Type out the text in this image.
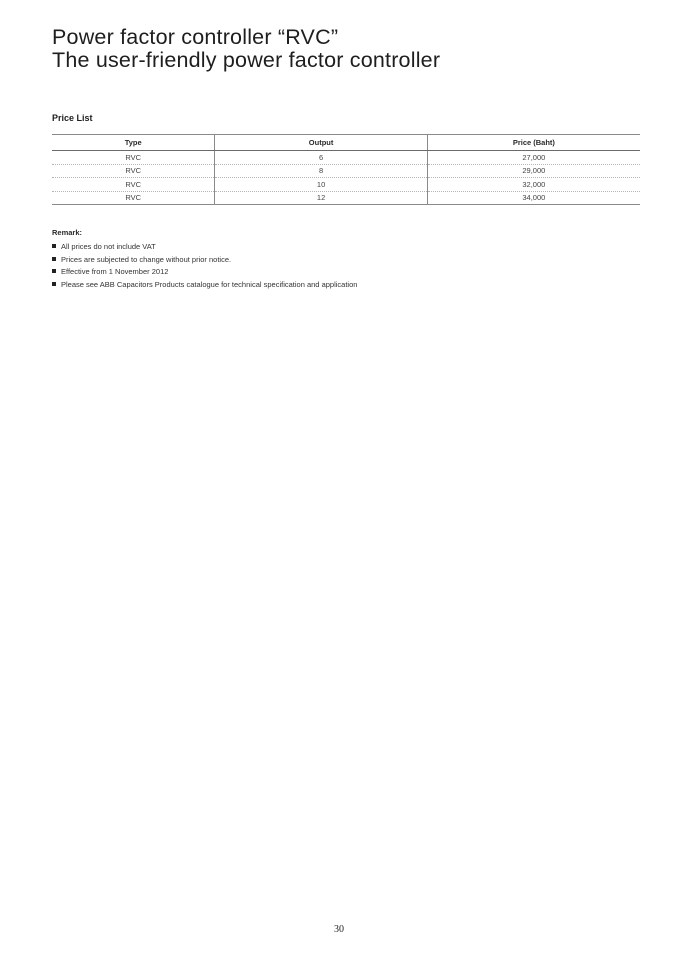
Power factor controller “RVC”
The user-friendly power factor controller
Price List
Type	Output	Price (Baht)
RVC	6	27,000
RVC	8	29,000
RVC	10	32,000
RVC	12	34,000
Remark:
All prices do not include VAT
Prices are subjected to change without prior notice.
Effective from 1 November 2012
Please see ABB Capacitors Products catalogue for technical specification and application
30
